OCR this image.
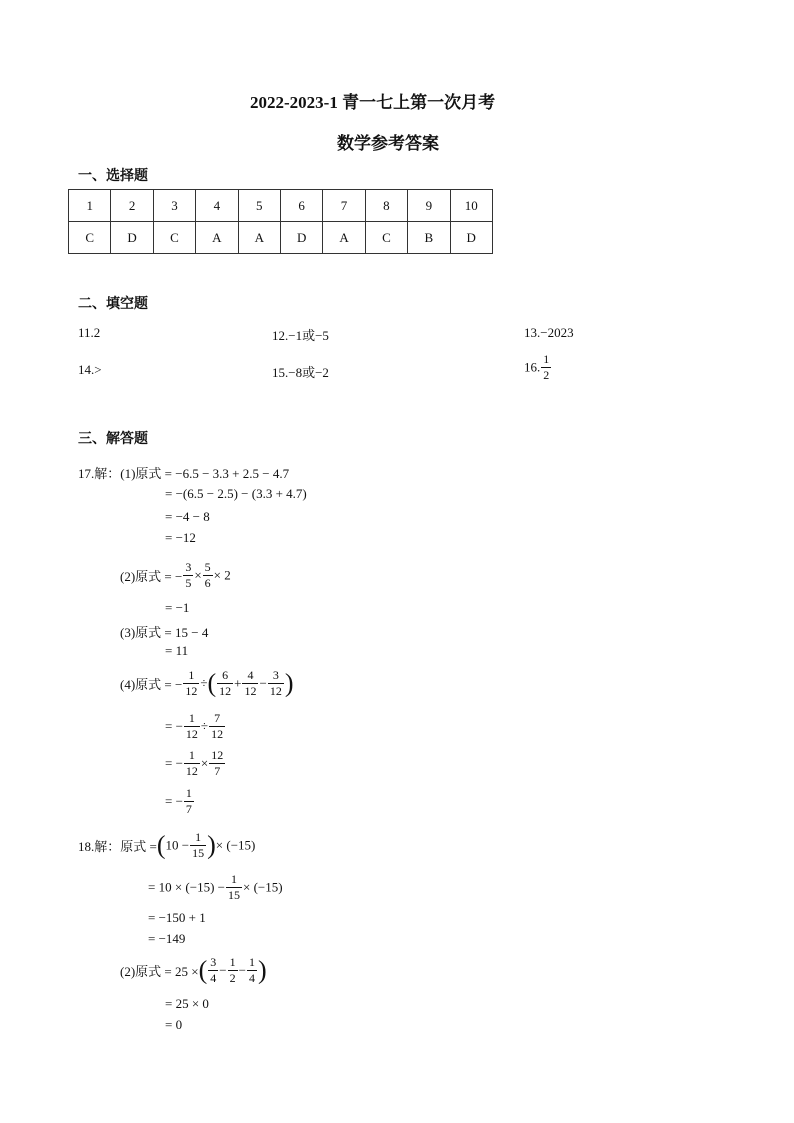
2022-2023-1 青一七上第一次月考
数学参考答案
一、选择题
1	2	3	4	5	6	7	8	9	10
C	D	C	A	A	D	A	C	B	D
二、填空题
11.2	12.−1或−5	13.−2023
14.>	15.−8或−2	16. $\frac{1}{2}$
三、解答题
17.解：(1)原式 = −6.5 − 3.3 + 2.5 − 4.7
= −(6.5 − 2.5) − (3.3 + 4.7)
= −4 − 8
= −12
(2)原式 = − $\frac{3}{5} \times \frac{5}{6} \times 2$
= −1
(3)原式 = 15 − 4
= 11
(4)原式 = − $\frac{1}{12}$ ÷( $\frac{6}{12} + \frac{4}{12} - \frac{3}{12}$ )
= − $\frac{1}{12} \div \frac{7}{12}$
= − $\frac{1}{12} \times \frac{12}{7}$
= − $\frac{1}{7}$
18.解：原式 $=(10 - \frac{1}{15}$ )× (−15)
= $10 \times (-15) - \frac{1}{15} \times (-15)$
= −150 + 1
= −149
(2)原式 = 25 ×( $\frac{3}{4} - \frac{1}{2} - \frac{1}{4}$ )
= 25 × 0
= 0
